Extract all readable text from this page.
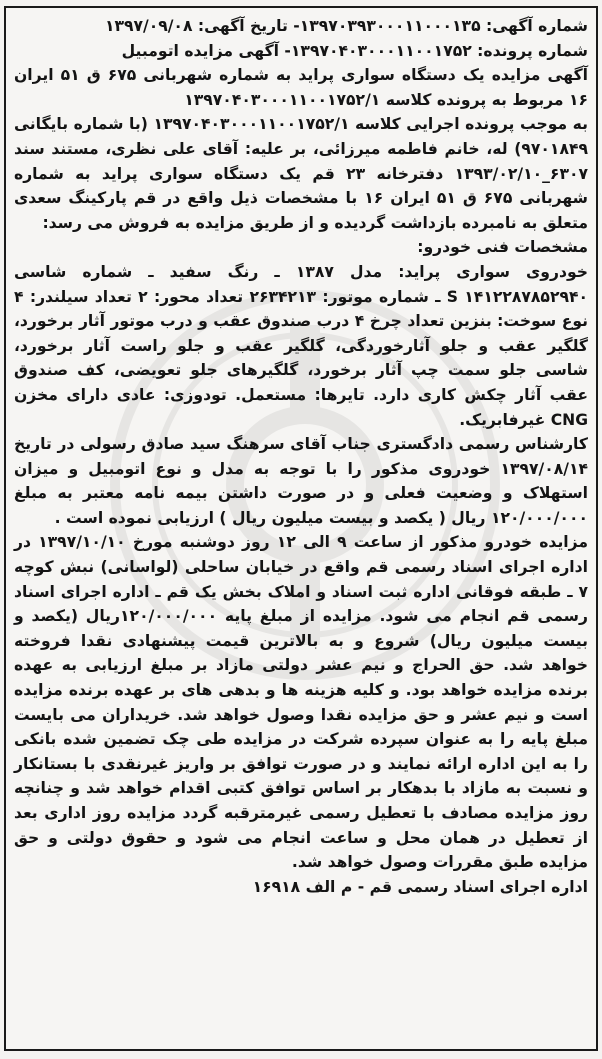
شماره آگهی: ۱۳۹۷۰۳۹۳۰۰۰۱۱۰۰۰۱۳۵- تاریخ آگهی: ۱۳۹۷/۰۹/۰۸

شماره پرونده: ۱۳۹۷۰۴۰۳۰۰۰۱۱۰۰۱۷۵۲- آگهی مزایده اتومبیل

آگهی مزایده یک دستگاه سواری پراید به شماره شهربانی ۶۷۵ ق ۵۱ ایران ۱۶ مربوط به پرونده کلاسه ۱۳۹۷۰۴۰۳۰۰۰۱۱۰۰۱۷۵۲/۱

به موجب پرونده اجرایی کلاسه ۱۳۹۷۰۴۰۳۰۰۰۱۱۰۰۱۷۵۲/۱ (با شماره بایگانی ۹۷۰۱۸۴۹) له، خانم فاطمه میرزائی، بر علیه: آقای علی نظری، مستند سند ۶۳۰۷_۱۳۹۳/۰۲/۱۰ دفترخانه ۲۳ قم یک دستگاه سواری پراید به شماره شهربانی ۶۷۵ ق ۵۱ ایران ۱۶ با مشخصات ذیل واقع در قم پارکینگ سعدی متعلق به نامبرده بازداشت گردیده و از طریق مزایده به فروش می رسد:

مشخصات فنی خودرو:

خودروی سواری پراید: مدل ۱۳۸۷ ـ رنگ سفید ـ شماره شاسی ۱۴۱۲۲۸۷۸۵۲۹۴۰ S ـ شماره موتور: ۲۶۳۴۲۱۳ تعداد محور: ۲ تعداد سیلندر: ۴ نوع سوخت: بنزین تعداد چرخ ۴ درب صندوق عقب و درب موتور آثار برخورد، گلگیر عقب و جلو آثارخوردگی، گلگیر عقب و جلو راست آثار برخورد، شاسی جلو سمت چپ آثار برخورد، گلگیرهای جلو تعویضی، کف صندوق عقب آثار چکش کاری دارد. تایرها: مستعمل. تودوزی: عادی دارای مخزن CNG غیرفابریک.

کارشناس رسمی دادگستری جناب آقای سرهنگ سید صادق رسولی در تاریخ ۱۳۹۷/۰۸/۱۴ خودروی مذکور را با توجه به مدل و نوع اتومبیل و میزان استهلاک و وضعیت فعلی و در صورت داشتن بیمه نامه معتبر به مبلغ ۱۲۰/۰۰۰/۰۰۰ ریال ( یکصد و بیست میلیون ریال ) ارزیابی نموده است .

مزایده خودرو مذکور از ساعت ۹ الی ۱۲ روز دوشنبه مورخ ۱۳۹۷/۱۰/۱۰ در اداره اجرای اسناد رسمی قم واقع در خیابان ساحلی (لواسانی) نبش کوچه ۷ ـ طبقه فوقانی اداره ثبت اسناد و املاک بخش یک قم ـ اداره اجرای اسناد رسمی قم انجام می شود. مزایده از مبلغ پایه ۱۲۰/۰۰۰/۰۰۰ریال (یکصد و بیست میلیون ریال) شروع و به بالاترین قیمت پیشنهادی نقدا فروخته خواهد شد. حق الحراج و نیم عشر دولتی مازاد بر مبلغ ارزیابی به عهده برنده مزایده خواهد بود. و کلیه هزینه ها و بدهی های بر عهده برنده مزایده است و نیم عشر و حق مزایده نقدا وصول خواهد شد. خریداران می بایست مبلغ پایه را به عنوان سپرده شرکت در مزایده طی چک تضمین شده بانکی را به این اداره ارائه نمایند و در صورت توافق بر واریز غیرنقدی با بستانکار و نسبت به مازاد با بدهکار بر اساس توافق کتبی اقدام خواهد شد و چنانچه روز مزایده مصادف با تعطیل رسمی غیرمترقبه گردد مزایده روز اداری بعد از تعطیل در همان محل و ساعت انجام می شود و حقوق دولتی و حق مزایده طبق مقررات وصول خواهد شد.

اداره اجرای اسناد رسمی قم - م الف ۱۶۹۱۸
